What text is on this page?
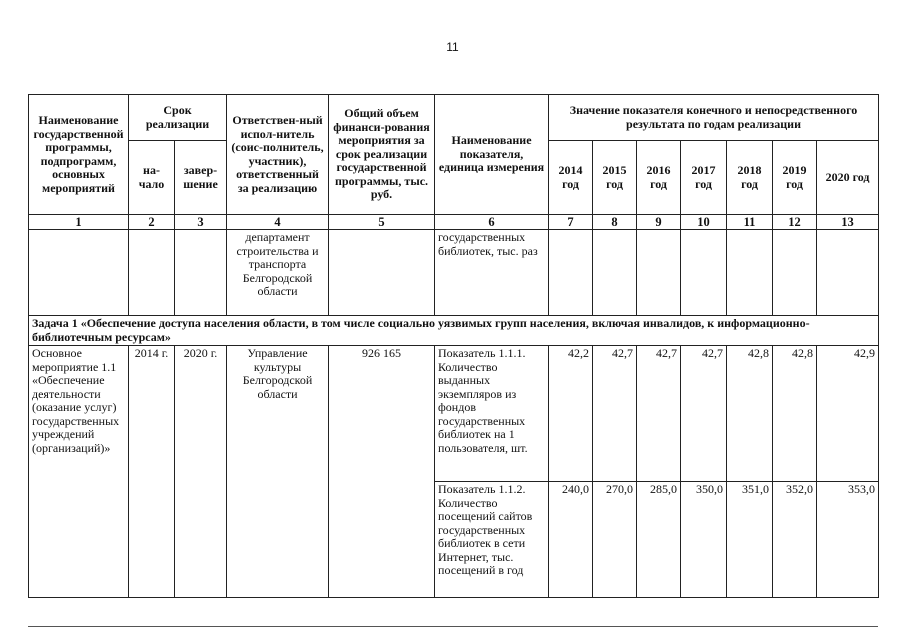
11
Наименование государственной программы, подпрограмм, основных мероприятий	Срок реализации		Ответствен-ный испол-нитель (соис-полнитель, участник), ответственный за реализацию	Общий объем финанси-рования мероприятия за срок реализации государственной программы, тыс. руб.	Наименование показателя, единица измерения	Значение показателя конечного и непосредственного результата по годам реализации						
	на-чало	завер-шение				2014 год	2015 год	2016 год	2017 год	2018 год	2019 год	2020 год
1	2	3	4	5	6	7	8	9	10	11	12	13
			департамент строительства и транспорта Белгородской области		государственных библиотек, тыс. раз							
Задача 1 «Обеспечение доступа населения области, в том числе социально уязвимых групп населения, включая инвалидов, к информационно-библиотечным ресурсам»												
Основное мероприятие 1.1 «Обеспечение деятельности (оказание услуг) государственных учреждений (организаций)»	2014 г.	2020 г.	Управление культуры Белгородской области	926 165	Показатель 1.1.1. Количество выданных экземпляров из фондов государственных библиотек на 1 пользователя, шт.	42,2	42,7	42,7	42,7	42,8	42,8	42,9
					Показатель 1.1.2. Количество посещений сайтов государственных библиотек в сети Интернет, тыс. посещений в год	240,0	270,0	285,0	350,0	351,0	352,0	353,0
